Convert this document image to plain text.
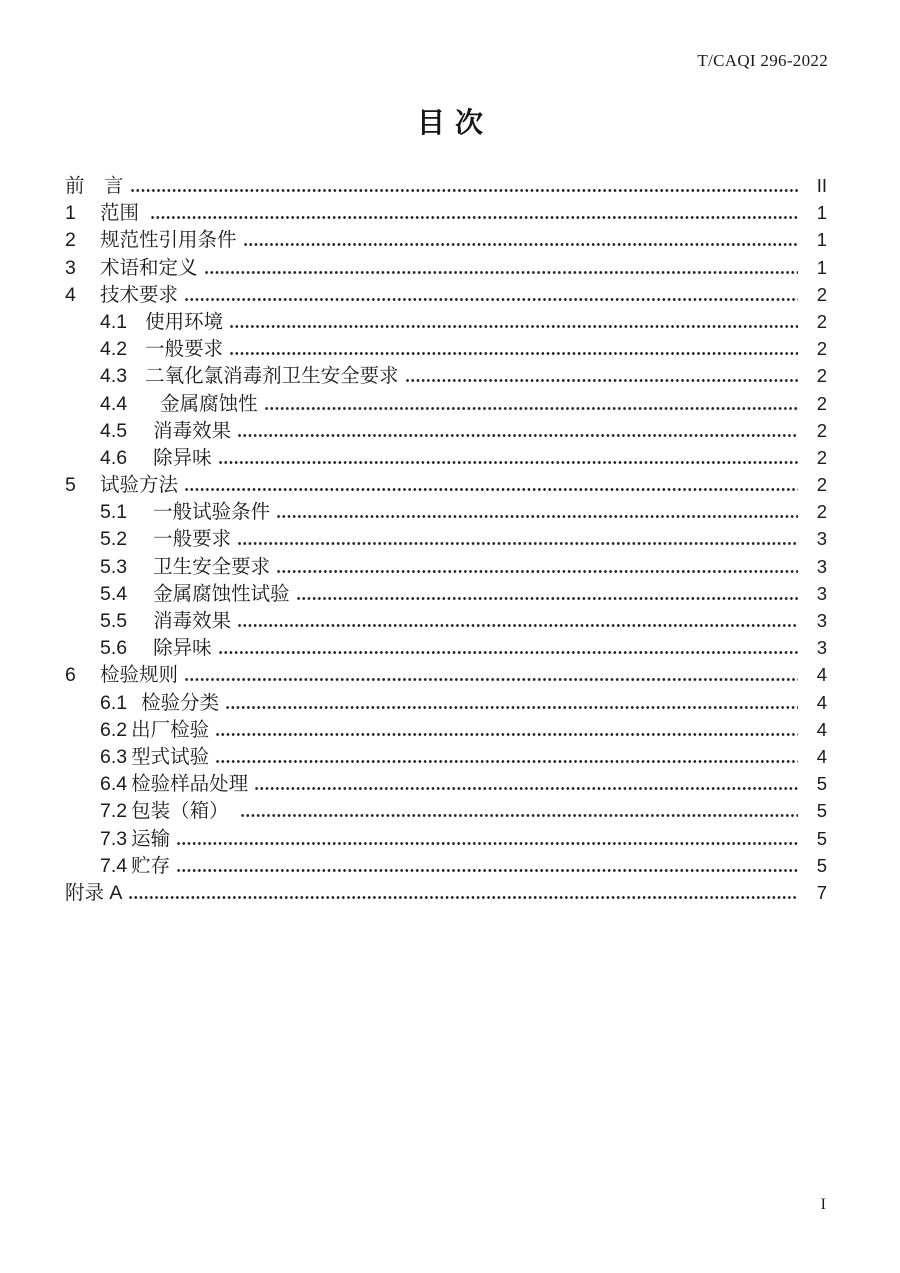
T/CAQI 296-2022
目次
前　言	II
1	范围	1
2	规范性引用条件	1
3	术语和定义	1
4	技术要求	2
4.1 使用环境	2
4.2 一般要求	2
4.3 二氧化氯消毒剂卫生安全要求	2
4.4 金属腐蚀性	2
4.5 消毒效果	2
4.6 除异味	2
5	试验方法	2
5.1 一般试验条件	2
5.2 一般要求	3
5.3 卫生安全要求	3
5.4 金属腐蚀性试验	3
5.5 消毒效果	3
5.6 除异味	3
6	检验规则	4
6.1 检验分类	4
6.2 出厂检验	4
6.3 型式试验	4
6.4 检验样品处理	5
7.2 包装（箱）	5
7.3 运输	5
7.4 贮存	5
附录 A	7
I
